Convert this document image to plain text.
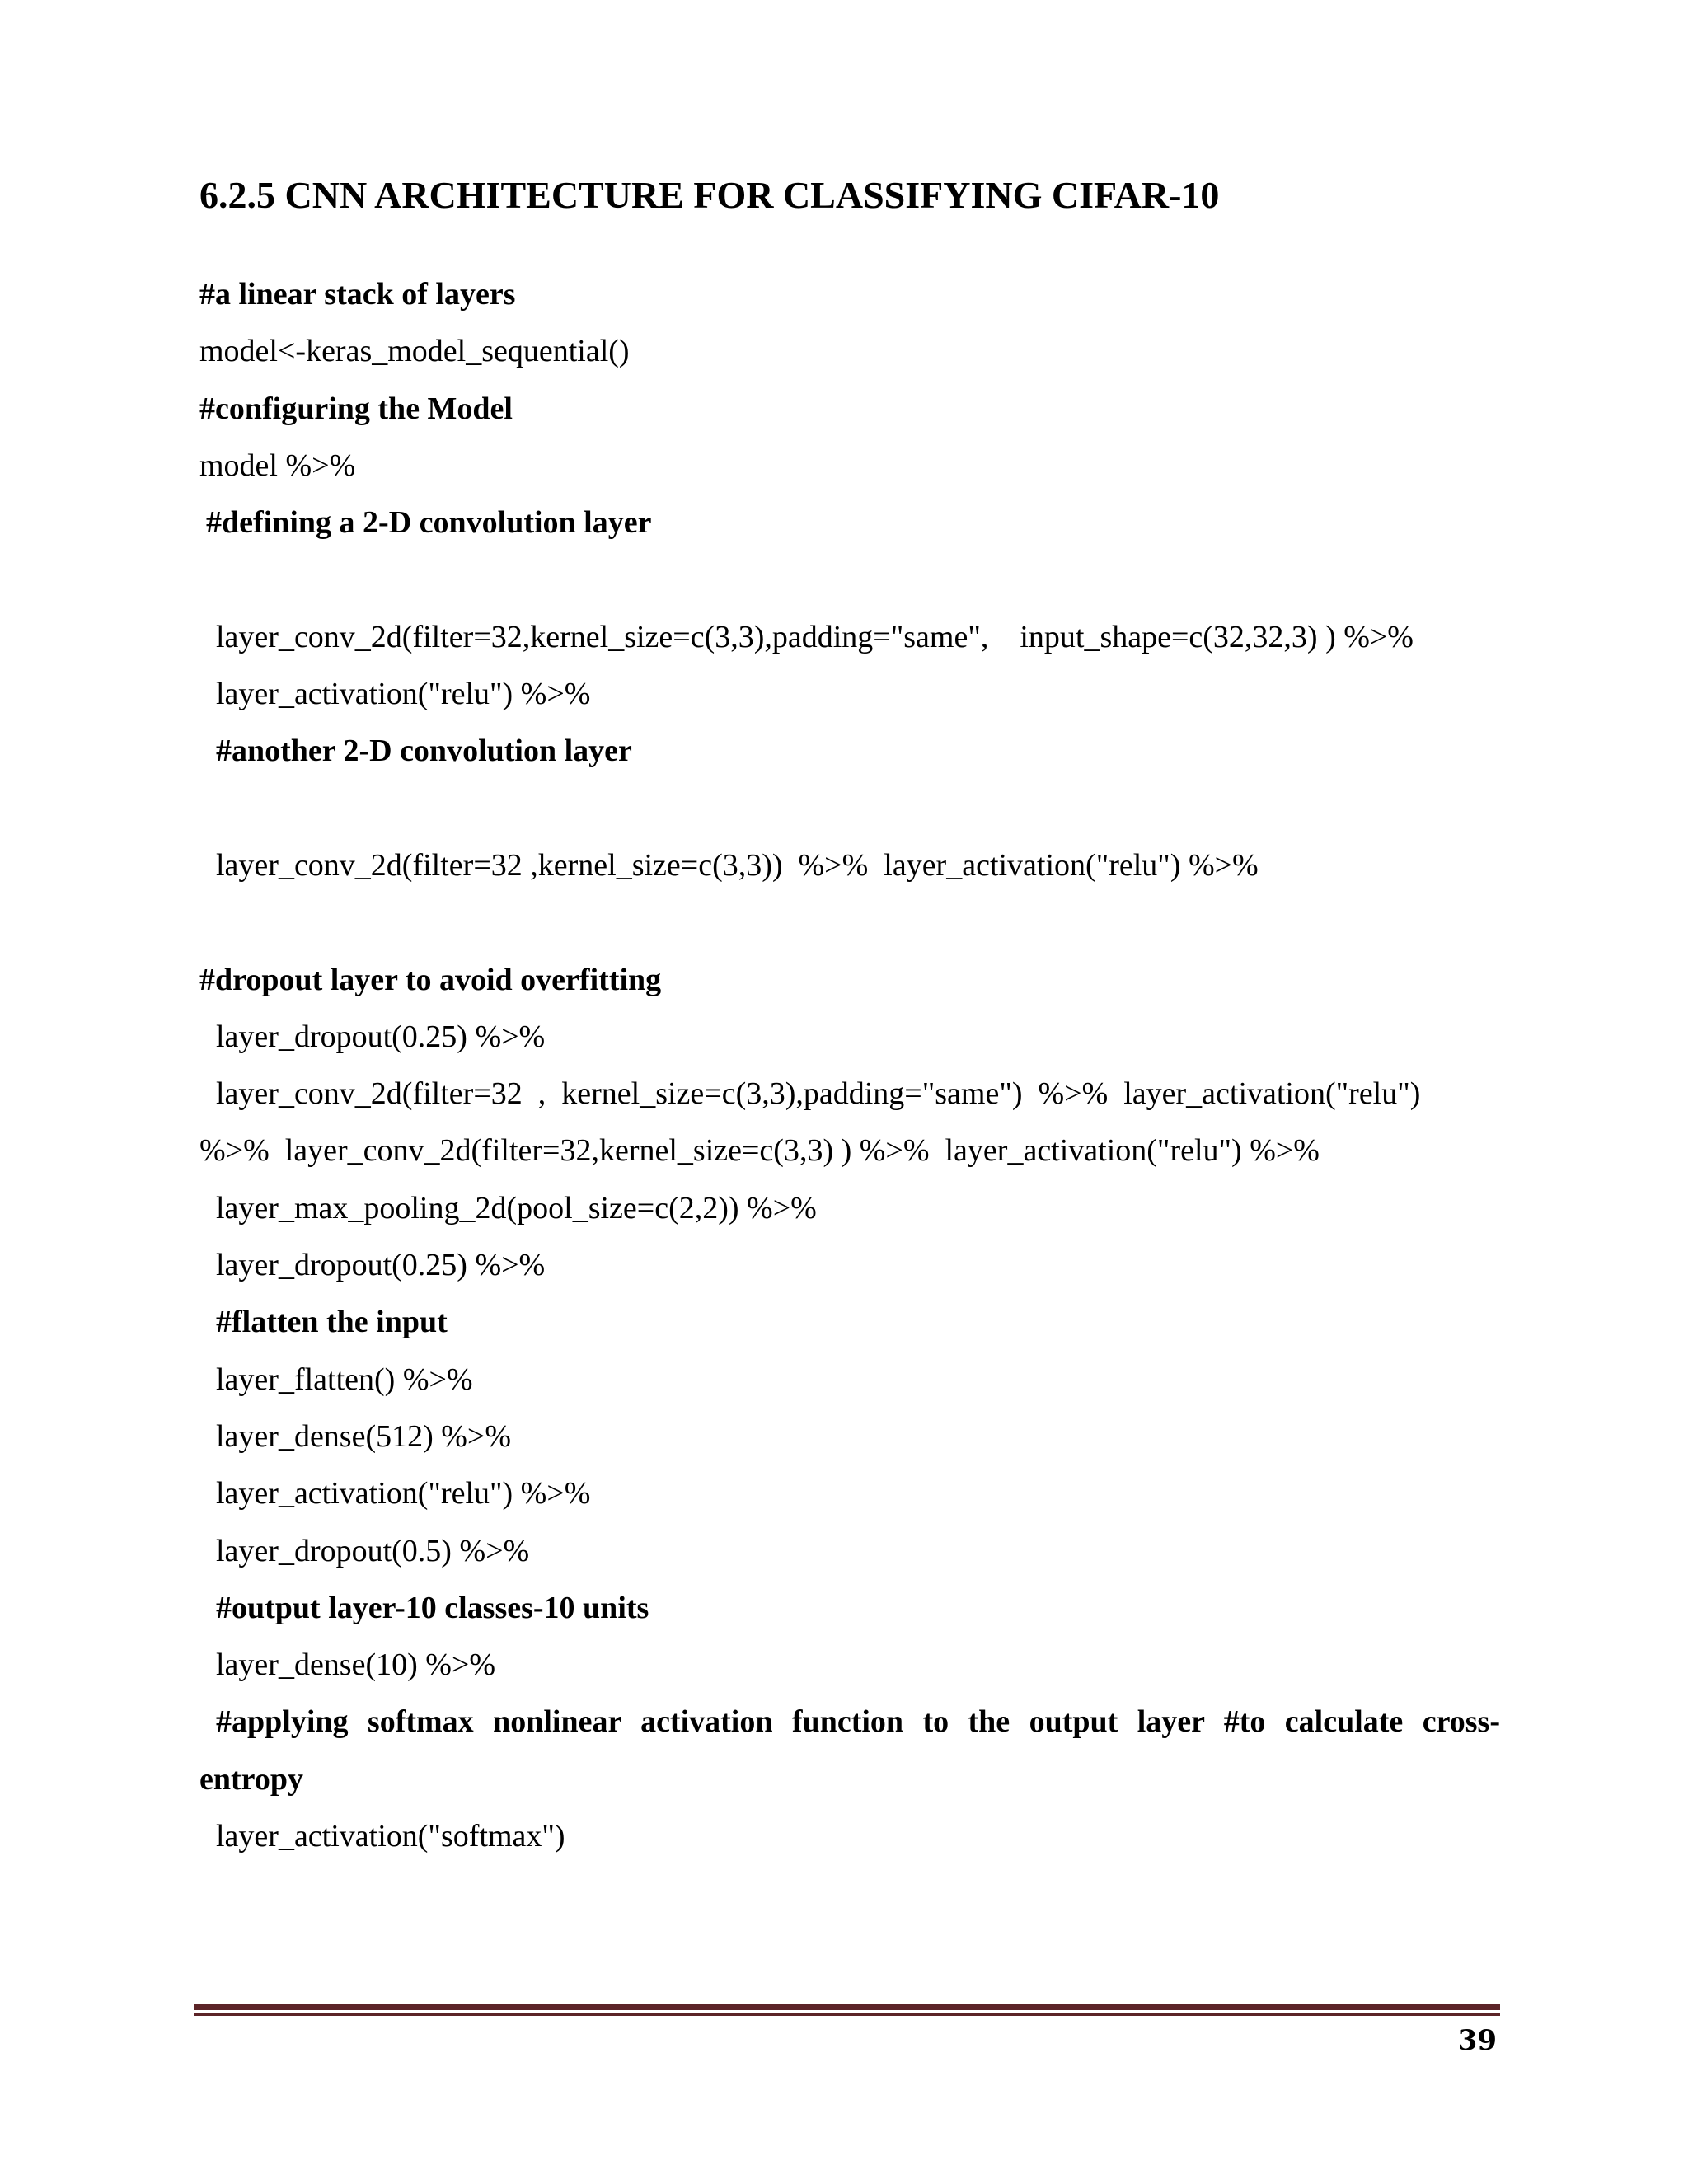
6.2.5 CNN ARCHITECTURE FOR CLASSIFYING CIFAR-10
#a linear stack of layers
model<-keras_model_sequential()
#configuring the Model
model %>%
#defining a 2-D convolution layer
layer_conv_2d(filter=32,kernel_size=c(3,3),padding="same",    input_shape=c(32,32,3) ) %>%
layer_activation("relu") %>%
#another 2-D convolution layer
layer_conv_2d(filter=32 ,kernel_size=c(3,3))  %>%  layer_activation("relu") %>%
#dropout layer to avoid overfitting
layer_dropout(0.25) %>%
layer_conv_2d(filter=32  ,  kernel_size=c(3,3),padding="same")  %>%  layer_activation("relu")
%>%  layer_conv_2d(filter=32,kernel_size=c(3,3) ) %>%  layer_activation("relu") %>%
layer_max_pooling_2d(pool_size=c(2,2)) %>%
layer_dropout(0.25) %>%
#flatten the input
layer_flatten() %>%
layer_dense(512) %>%
layer_activation("relu") %>%
layer_dropout(0.5) %>%
#output layer-10 classes-10 units
layer_dense(10) %>%
#applying softmax nonlinear activation function to the output layer #to calculate cross-
entropy
layer_activation("softmax")
39
